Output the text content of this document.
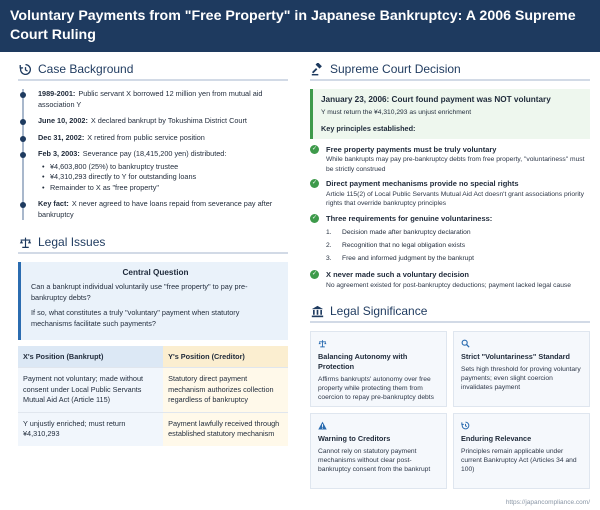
Voluntary Payments from "Free Property" in Japanese Bankruptcy: A 2006 Supreme Court Ruling
Case Background
1989-2001: Public servant X borrowed 12 million yen from mutual aid association Y
June 10, 2002: X declared bankrupt by Tokushima District Court
Dec 31, 2002: X retired from public service position
Feb 3, 2003: Severance pay (18,415,200 yen) distributed:
• ¥4,603,800 (25%) to bankruptcy trustee
• ¥4,310,293 directly to Y for outstanding loans
• Remainder to X as "free property"
Key fact: X never agreed to have loans repaid from severance pay after bankruptcy
Legal Issues
Central Question

Can a bankrupt individual voluntarily use "free property" to pay pre-bankruptcy debts?

If so, what constitutes a truly "voluntary" payment when statutory mechanisms facilitate such payments?

X's Position (Bankrupt)	Y's Position (Creditor)
Payment not voluntary; made without consent under Local Public Servants Mutual Aid Act (Article 115)	Statutory direct payment mechanism authorizes collection regardless of bankruptcy
Y unjustly enriched; must return ¥4,310,293	Payment lawfully received through established statutory mechanism
Supreme Court Decision
January 23, 2006: Court found payment was NOT voluntary
Y must return the ¥4,310,293 as unjust enrichment
Key principles established:
✓ Free property payments must be truly voluntary
While bankrupts may pay pre-bankruptcy debts from free property, "voluntariness" must be strictly construed
✓ Direct payment mechanisms provide no special rights
Article 115(2) of Local Public Servants Mutual Aid Act doesn't grant associations priority rights that override bankruptcy principles
✓ Three requirements for genuine voluntariness:
1. Decision made after bankruptcy declaration
2. Recognition that no legal obligation exists
3. Free and informed judgment by the bankrupt
✓ X never made such a voluntary decision
No agreement existed for post-bankruptcy deductions; payment lacked legal cause
Legal Significance
Balancing Autonomy with Protection
Affirms bankrupts' autonomy over free property while protecting them from coercion to repay pre-bankruptcy debts
Strict "Voluntariness" Standard
Sets high threshold for proving voluntary payments; even slight coercion invalidates payment
Warning to Creditors
Cannot rely on statutory payment mechanisms without clear post-bankruptcy consent from the bankrupt
Enduring Relevance
Principles remain applicable under current Bankruptcy Act (Articles 34 and 100)
https://japancompliance.com/
